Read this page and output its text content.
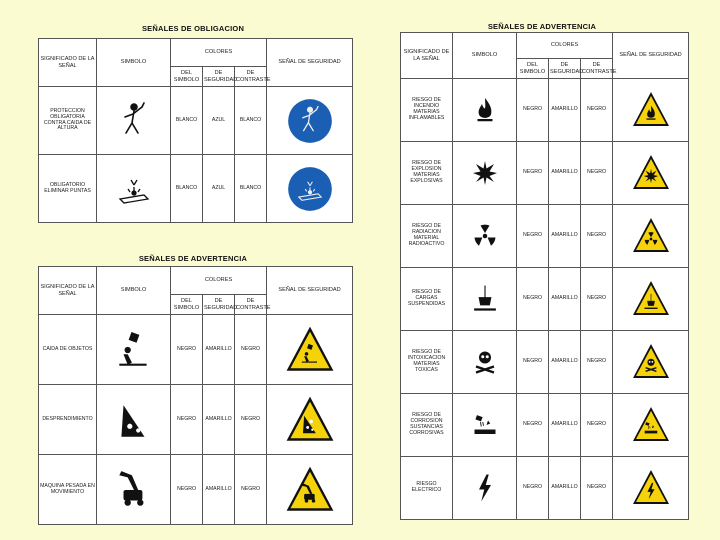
SEÑALES DE OBLIGACION
SIGNIFICADO DE LA SEÑAL	SIMBOLO	COLORES			SEÑAL DE SEGURIDAD
		DEL SIMBOLO	DE SEGURIDAD	DE CONTRASTE	
PROTECCION OBLIGATORIA CONTRA CAIDA DE ALTURA		BLANCO	AZUL	BLANCO	

OBLIGATORIO ELIMINAR PUNTAS		BLANCO	AZUL	BLANCO	
SEÑALES DE ADVERTENCIA
SIGNIFICADO DE LA SEÑAL	SIMBOLO	COLORES			SEÑAL DE SEGURIDAD
		DEL SIMBOLO	DE SEGURIDAD	DE CONTRASTE	
CAIDA DE OBJETOS		NEGRO	AMARILLO	NEGRO	

DESPRENDIMIENTO		NEGRO	AMARILLO	NEGRO	

MAQUINA PESADA EN MOVIMIENTO		NEGRO	AMARILLO	NEGRO	
SEÑALES DE ADVERTENCIA
SIGNIFICADO DE LA SEÑAL	SIMBOLO	COLORES			SEÑAL DE SEGURIDAD
		DEL SIMBOLO	DE SEGURIDAD	DE CONTRASTE	
RIESGO DE INCENDIO MATERIAS INFLAMABLES		NEGRO	AMARILLO	NEGRO	

RIESGO DE EXPLOSION MATERIAS EXPLOSIVAS		NEGRO	AMARILLO	NEGRO	

RIESGO DE RADIACION MATERIAL RADIOACTIVO		NEGRO	AMARILLO	NEGRO	

RIESGO DE CARGAS SUSPENDIDAS		NEGRO	AMARILLO	NEGRO	

RIESGO DE INTOXICACION MATERIAS TOXICAS		NEGRO	AMARILLO	NEGRO	

RIESGO DE CORROSION SUSTANCIAS CORROSIVAS		NEGRO	AMARILLO	NEGRO	

RIESGO ELECTRICO		NEGRO	AMARILLO	NEGRO	
